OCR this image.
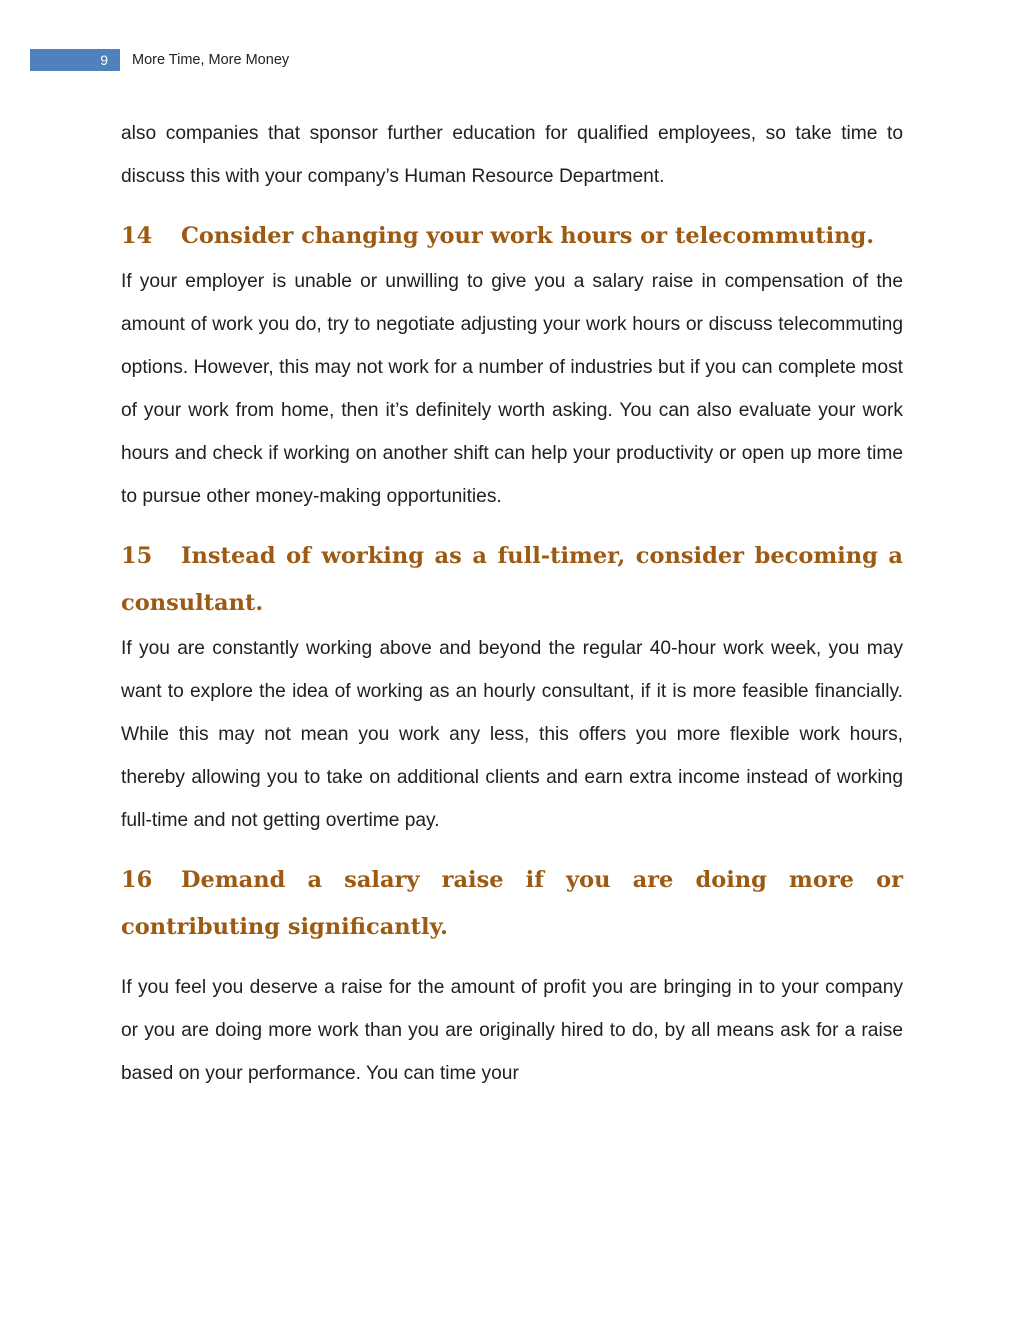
9	More Time, More Money

also companies that sponsor further education for qualified employees, so take time to discuss this with your company’s Human Resource Department.

14 Consider changing your work hours or telecommuting.

If your employer is unable or unwilling to give you a salary raise in compensation of the amount of work you do, try to negotiate adjusting your work hours or discuss telecommuting options. However, this may not work for a number of industries but if you can complete most of your work from home, then it’s definitely worth asking. You can also evaluate your work hours and check if working on another shift can help your productivity or open up more time to pursue other money-making opportunities.

15 Instead of working as a full-timer, consider becoming a consultant.

If you are constantly working above and beyond the regular 40-hour work week, you may want to explore the idea of working as an hourly consultant, if it is more feasible financially. While this may not mean you work any less, this offers you more flexible work hours, thereby allowing you to take on additional clients and earn extra income instead of working full-time and not getting overtime pay.

16 Demand a salary raise if you are doing more or contributing significantly.

If you feel you deserve a raise for the amount of profit you are bringing in to your company or you are doing more work than you are originally hired to do, by all means ask for a raise based on your performance. You can time your
